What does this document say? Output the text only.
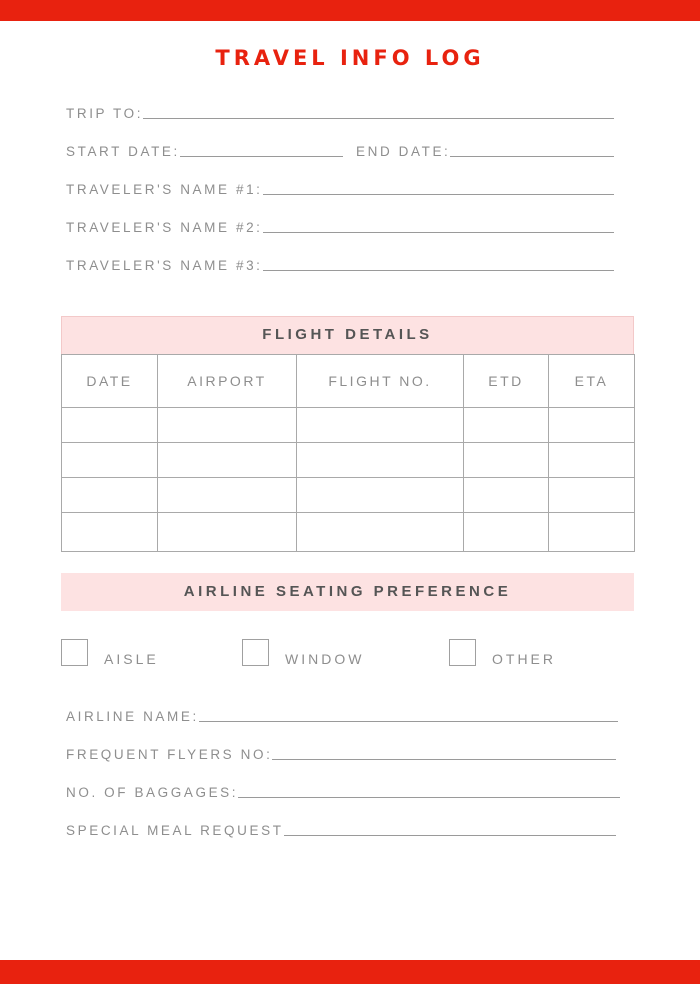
TRAVEL INFO LOG
TRIP TO:
START DATE:	END DATE:
TRAVELER'S NAME #1:
TRAVELER'S NAME #2:
TRAVELER'S NAME #3:
FLIGHT DETAILS
DATE	AIRPORT	FLIGHT NO.	ETD	ETA

AIRLINE SEATING PREFERENCE
AISLE	WINDOW	OTHER
AIRLINE NAME:
FREQUENT FLYERS NO:
NO. OF BAGGAGES:
SPECIAL MEAL REQUEST
